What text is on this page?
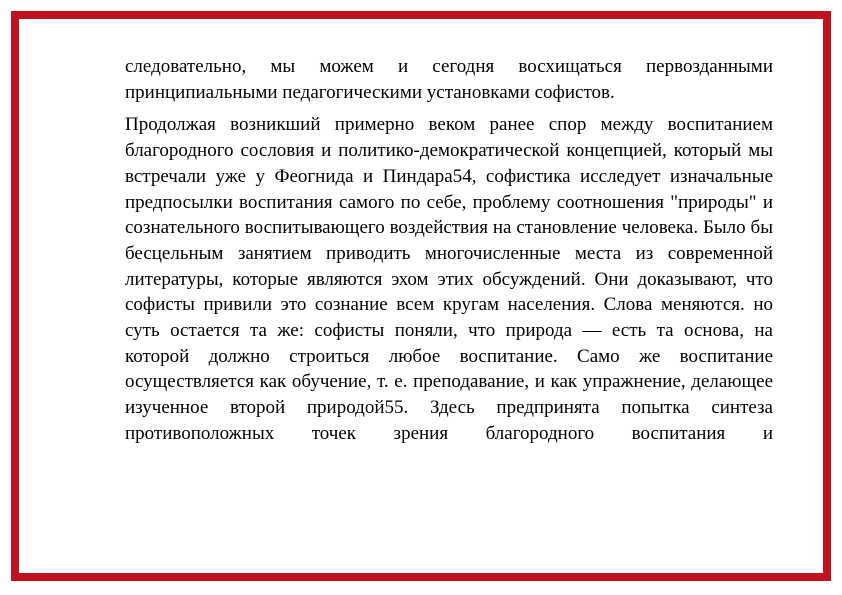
следовательно, мы можем и сегодня восхищаться первозданными принципиальными педагогическими установками софистов.

Продолжая возникший примерно веком ранее спор между воспитанием благородного сословия и политико-демократической концепцией, который мы встречали уже у Феогнида и Пиндара54, софистика исследует изначальные предпосылки воспитания самого по себе, проблему соотношения "природы" и сознательного воспитывающего воздействия на становление человека. Было бы бесцельным занятием приводить многочисленные места из современной литературы, которые являются эхом этих обсуждений. Они доказывают, что софисты привили это сознание всем кругам населения. Слова меняются. но суть остается та же: софисты поняли, что природа — есть та основа, на которой должно строиться любое воспитание. Само же воспитание осуществляется как обучение, т. е. преподавание, и как упражнение, делающее изученное второй природой55. Здесь предпринята попытка синтеза противоположных точек зрения благородного воспитания и
